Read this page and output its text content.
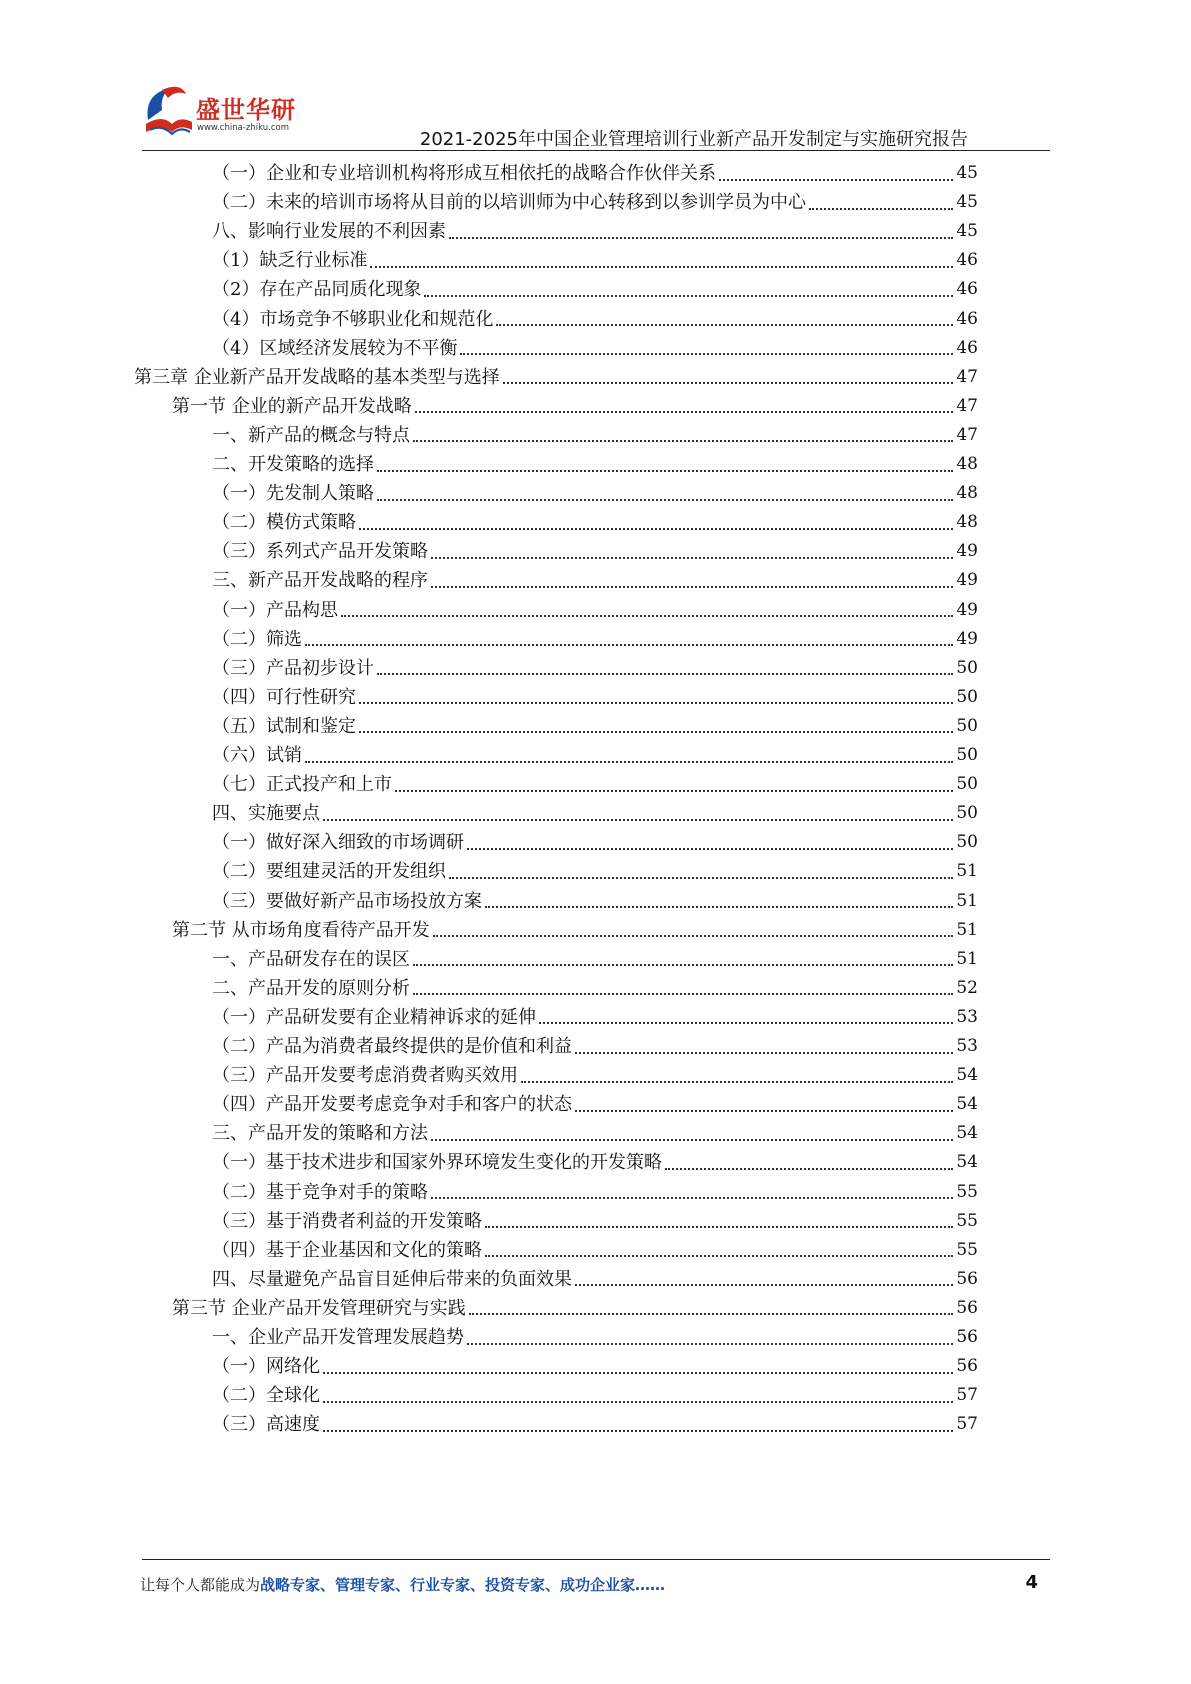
盛世华研
www.china-zhiku.com
2021-2025年中国企业管理培训行业新产品开发制定与实施研究报告
（一）企业和专业培训机构将形成互相依托的战略合作伙伴关系	45
（二）未来的培训市场将从目前的以培训师为中心转移到以参训学员为中心	45
八、影响行业发展的不利因素	45
（1）缺乏行业标准	46
（2）存在产品同质化现象	46
（4）市场竞争不够职业化和规范化	46
（4）区域经济发展较为不平衡	46
第三章 企业新产品开发战略的基本类型与选择	47
第一节 企业的新产品开发战略	47
一、新产品的概念与特点	47
二、开发策略的选择	48
（一）先发制人策略	48
（二）模仿式策略	48
（三）系列式产品开发策略	49
三、新产品开发战略的程序	49
（一）产品构思	49
（二）筛选	49
（三）产品初步设计	50
（四）可行性研究	50
（五）试制和鉴定	50
（六）试销	50
（七）正式投产和上市	50
四、实施要点	50
（一）做好深入细致的市场调研	50
（二）要组建灵活的开发组织	51
（三）要做好新产品市场投放方案	51
第二节 从市场角度看待产品开发	51
一、产品研发存在的误区	51
二、产品开发的原则分析	52
（一）产品研发要有企业精神诉求的延伸	53
（二）产品为消费者最终提供的是价值和利益	53
（三）产品开发要考虑消费者购买效用	54
（四）产品开发要考虑竞争对手和客户的状态	54
三、产品开发的策略和方法	54
（一）基于技术进步和国家外界环境发生变化的开发策略	54
（二）基于竞争对手的策略	55
（三）基于消费者利益的开发策略	55
（四）基于企业基因和文化的策略	55
四、尽量避免产品盲目延伸后带来的负面效果	56
第三节 企业产品开发管理研究与实践	56
一、企业产品开发管理发展趋势	56
（一）网络化	56
（二）全球化	57
（三）高速度	57
让每个人都能成为战略专家、管理专家、行业专家、投资专家、成功企业家……	4
